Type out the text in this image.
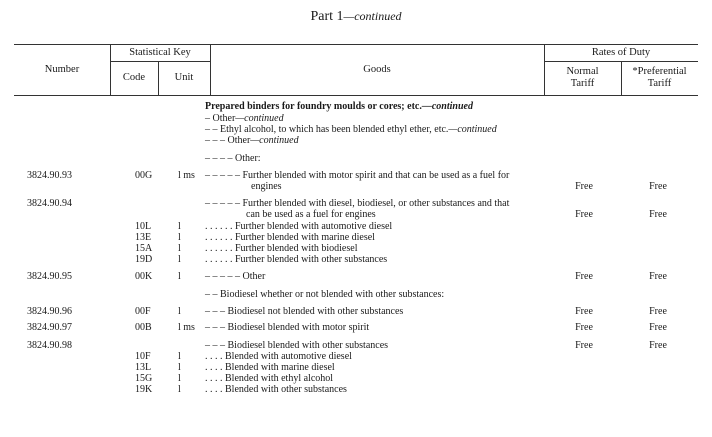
Part 1—continued
Number
Statistical Key
Code	Unit
Goods
Rates of Duty
Normal
Tariff
*Preferential
Tariff
Prepared binders for foundry moulds or cores; etc.—continued
– Other—continued
– – Ethyl alcohol, to which has been blended ethyl ether, etc.—continued
– – – Other—continued
– – – – Other:
3824.90.93	00G	l ms – – – – – Further blended with motor spirit and that can be used as a fuel for
engines	Free	Free
3824.90.94	– – – – – Further blended with diesel, biodiesel, or other substances and that
can be used as a fuel for engines	Free	Free
10L	l . . . . . . Further blended with automotive diesel
13E	l . . . . . . Further blended with marine diesel
15A	l . . . . . . Further blended with biodiesel
19D	l . . . . . . Further blended with other substances
3824.90.95	00K	l – – – – – Other	Free	Free
– – Biodiesel whether or not blended with other substances:
3824.90.96	00F	l – – – Biodiesel not blended with other substances	Free	Free
3824.90.97	00B	l ms – – – Biodiesel blended with motor spirit	Free	Free
3824.90.98	– – – Biodiesel blended with other substances	Free	Free
10F	l . . . . Blended with automotive diesel
13L	l . . . . Blended with marine diesel
15G	l . . . . Blended with ethyl alcohol
19K	l . . . . Blended with other substances
